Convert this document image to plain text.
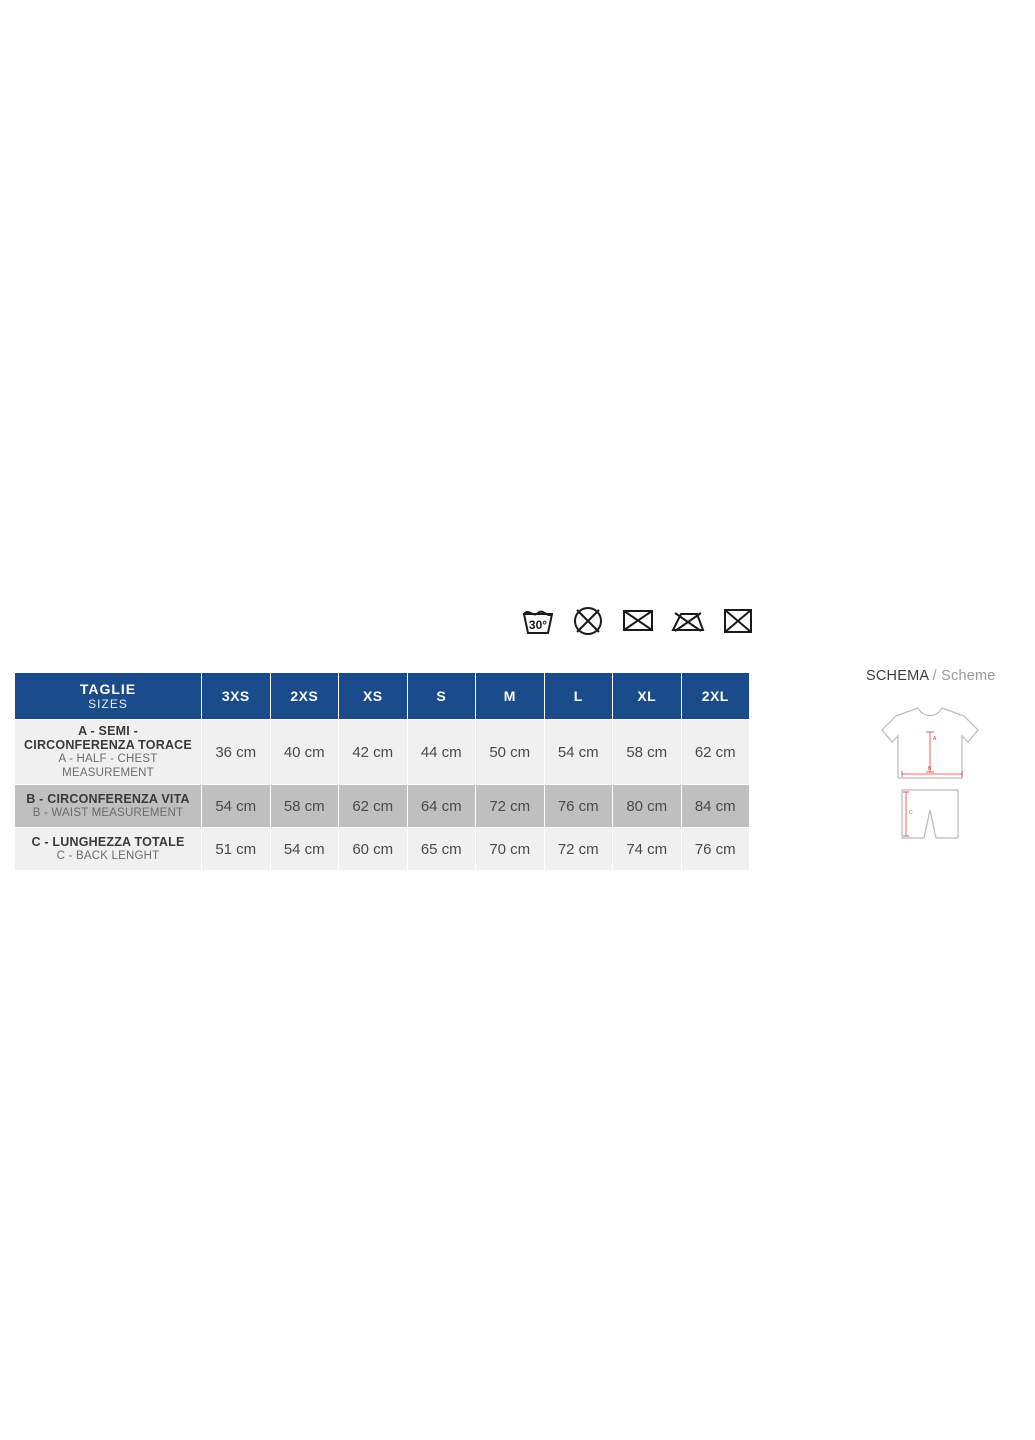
30°
TAGLIE
SIZES	3XS	2XS	XS	S	M	L	XL	2XL

A - SEMI - CIRCONFERENZA TORACE
A - HALF - CHEST MEASUREMENT	36 cm	40 cm	42 cm	44 cm	50 cm	54 cm	58 cm	62 cm

B - CIRCONFERENZA VITA
B - WAIST MEASUREMENT	54 cm	58 cm	62 cm	64 cm	72 cm	76 cm	80 cm	84 cm

C - LUNGHEZZA TOTALE
C - BACK LENGHT	51 cm	54 cm	60 cm	65 cm	70 cm	72 cm	74 cm	76 cm
SCHEMA / Scheme
A
B
C
